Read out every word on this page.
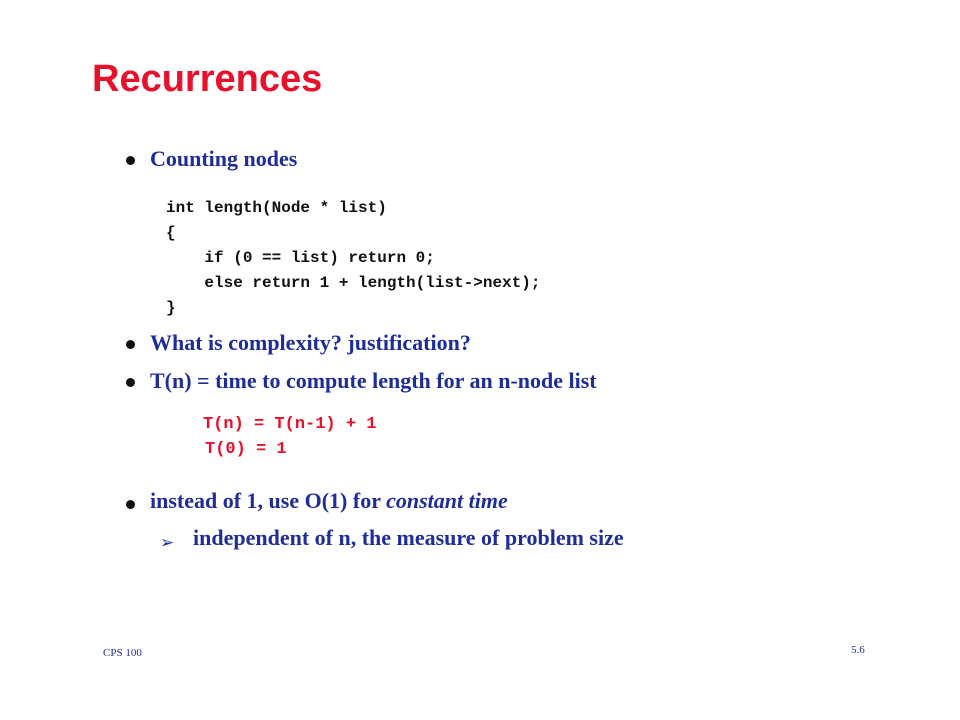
Recurrences
Counting nodes
int length(Node * list)
{
if (0 == list) return 0;
else return 1 + length(list->next);
}
What is complexity? justification?
T(n) = time to compute length for an n-node list
T(n) = T(n-1) + 1
T(0) = 1
instead of 1, use O(1) for constant time
➢ independent of n, the measure of problem size
CPS 100	5.6
